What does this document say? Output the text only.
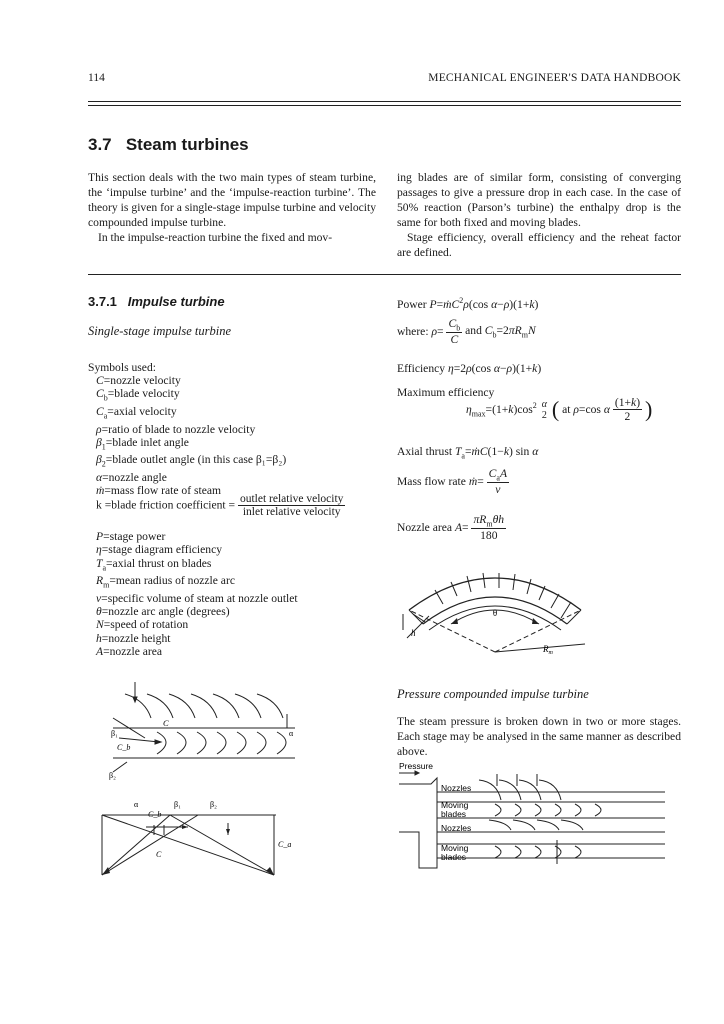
114	MECHANICAL ENGINEER'S DATA HANDBOOK
3.7 Steam turbines
This section deals with the two main types of steam turbine, the ‘impulse turbine’ and the ‘impulse-reaction turbine’. The theory is given for a single-stage impulse turbine and velocity compounded impulse turbine.
In the impulse-reaction turbine the fixed and mov-
ing blades are of similar form, consisting of converging passages to give a pressure drop in each case. In the case of 50% reaction (Parson’s turbine) the enthalpy drop is the same for both fixed and moving blades.
Stage efficiency, overall efficiency and the reheat factor are defined.
3.7.1 Impulse turbine
Single-stage impulse turbine
Symbols used:
C=nozzle velocity
$C_b=blade$ velocity
$C_a=axial$ velocity
ρ=ratio of blade to nozzle velocity
$\beta_1=blade$ inlet angle
$\beta_2=blade$ outlet angle (in this case β₁=β₂)
α=nozzle angle
ṁ=mass flow rate of steam
k =blade friction coefficient = $\frac{\text{outlet relative velocity}}{\text{inlet relative velocity}}$
P=stage power
η=stage diagram efficiency
$T_a=axial$ thrust on blades
$R_m=mean$ radius of nozzle arc
v=specific volume of steam at nozzle outlet
θ=nozzle arc angle (degrees)
N=speed of rotation
h=nozzle height
A=nozzle area
Power P=ṁC$^2$ρ(cos α−ρ)(1+k)
where: $\rho= \frac{C_b}{C}$ and $C_b=2\pi R_mN$
Efficiency η=2ρ(cos α−ρ)(1+k)
Maximum efficiency
$\eta_{max}=(1+k)\cos^2$ α
2 ( at ρ=cos α $\frac{(1+k)}{2}$ )
Axial thrust $T_a=ṁC(1-k)$ sin α
Mass flow rate ṁ= $\frac{C_aA}{v}$
Nozzle area $A= \frac{\pi R_m\theta h}{180}$
θ
h
$R_m$
Pressure compounded impulse turbine
The steam pressure is broken down in two or more stages. Each stage may be analysed in the same manner as described above.
Pressure
Nozzles
Moving
blades
Nozzles
Moving
blades
C
β₁	α
C_b
β₂
α
C_b
β₁	β₂
C
C_a
